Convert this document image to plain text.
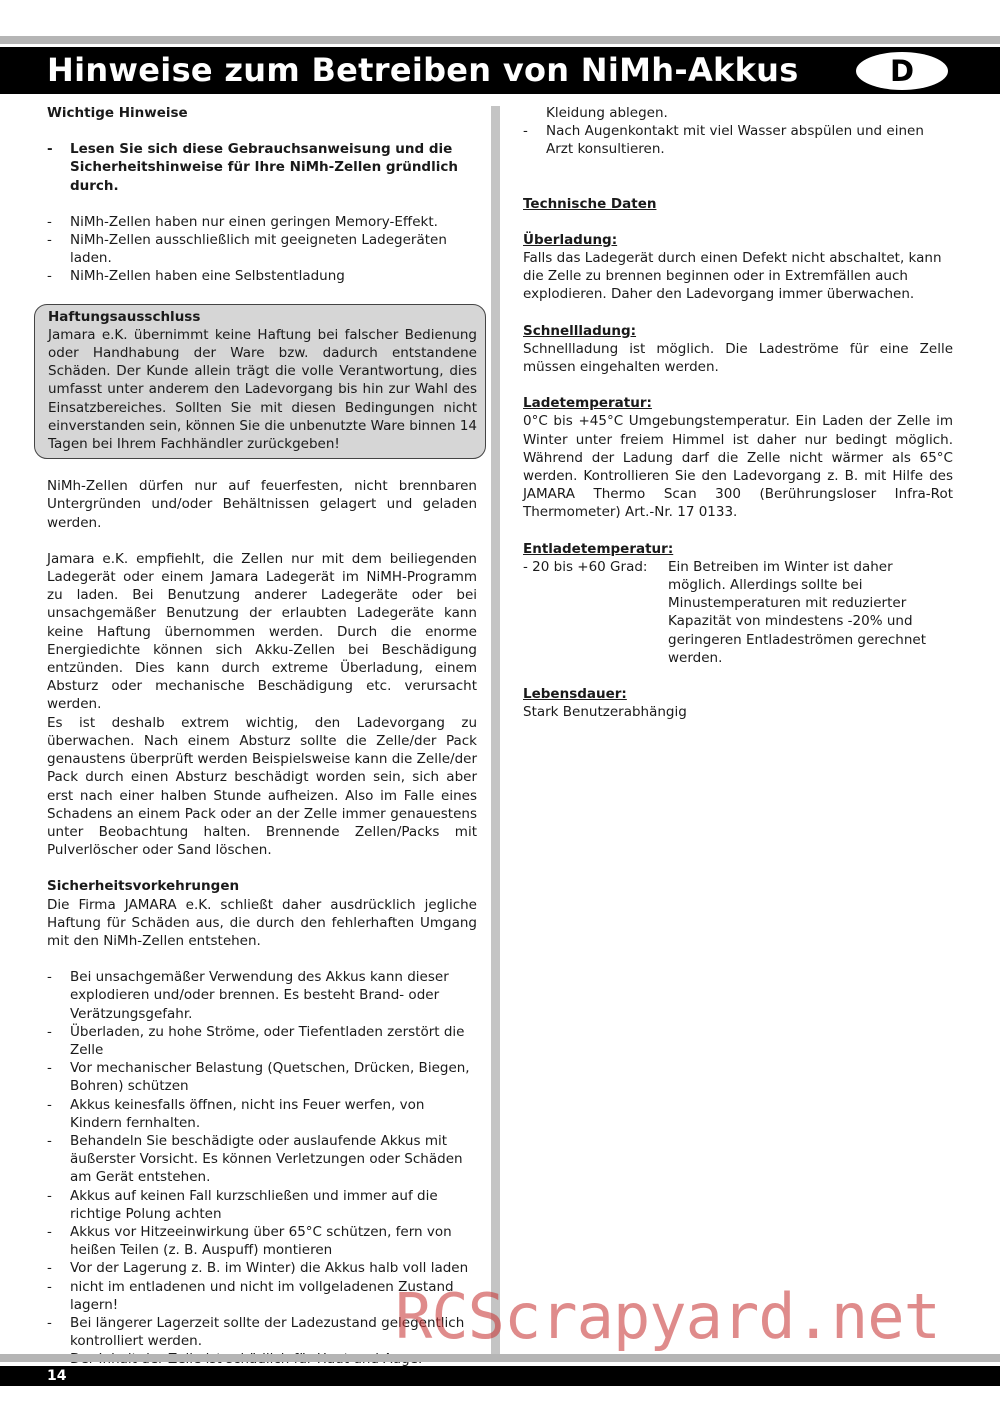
Hinweise zum Betreiben von NiMh-Akkus	D

Wichtige Hinweise

- Lesen Sie sich diese Gebrauchsanweisung und die Sicherheitshinweise für Ihre NiMh-Zellen gründlich durch.
- NiMh-Zellen haben nur einen geringen Memory-Effekt.
- NiMh-Zellen ausschließlich mit geeigneten Ladegeräten laden.
- NiMh-Zellen haben eine Selbstentladung

Haftungsausschluss

Jamara e.K. übernimmt keine Haftung bei falscher Bedienung oder Handhabung der Ware bzw. dadurch entstandene Schäden. Der Kunde allein trägt die volle Verantwortung, dies umfasst unter anderem den Ladevorgang bis hin zur Wahl des Einsatzbereiches. Sollten Sie mit diesen Bedingungen nicht einverstanden sein, können Sie die unbenutzte Ware binnen 14 Tagen bei Ihrem Fachhändler zurückgeben!

NiMh-Zellen dürfen nur auf feuerfesten, nicht brennbaren Untergründen und/oder Behältnissen gelagert und geladen werden.

Jamara e.K. empfiehlt, die Zellen nur mit dem beiliegenden Ladegerät oder einem Jamara Ladegerät im NiMH-Programm zu laden. Bei Benutzung anderer Ladegeräte oder bei unsachgemäßer Benutzung der erlaubten Ladegeräte kann keine Haftung übernommen werden. Durch die enorme Energiedichte können sich Akku-Zellen bei Beschädigung entzünden. Dies kann durch extreme Überladung, einem Absturz oder mechanische Beschädigung etc. verursacht werden.

Es ist deshalb extrem wichtig, den Ladevorgang zu überwachen. Nach einem Absturz sollte die Zelle/der Pack genaustens überprüft werden Beispielsweise kann die Zelle/der Pack durch einen Absturz beschädigt worden sein, sich aber erst nach einer halben Stunde aufheizen. Also im Falle eines Schadens an einem Pack oder an der Zelle immer genauestens unter Beobachtung halten. Brennende Zellen/Packs mit Pulverlöscher oder Sand löschen.

Sicherheitsvorkehrungen

Die Firma JAMARA e.K. schließt daher ausdrücklich jegliche Haftung für Schäden aus, die durch den fehlerhaften Umgang mit den NiMh-Zellen entstehen.

- Bei unsachgemäßer Verwendung des Akkus kann dieser explodieren und/oder brennen. Es besteht Brand- oder Verätzungsgefahr.
- Überladen, zu hohe Ströme, oder Tiefentladen zerstört die Zelle
- Vor mechanischer Belastung (Quetschen, Drücken, Biegen, Bohren) schützen
- Akkus keinesfalls öffnen, nicht ins Feuer werfen, von Kindern fernhalten.
- Behandeln Sie beschädigte oder auslaufende Akkus mit äußerster Vorsicht. Es können Verletzungen oder Schäden am Gerät entstehen.
- Akkus auf keinen Fall kurzschließen und immer auf die richtige Polung achten
- Akkus vor Hitzeeinwirkung über 65°C schützen, fern von heißen Teilen (z. B. Auspuff) montieren
- Vor der Lagerung z. B. im Winter) die Akkus halb voll laden
- nicht im entladenen und nicht im vollgeladenen Zustand lagern!
- Bei längerer Lagerzeit sollte der Ladezustand gelegentlich kontrolliert werden.
-
-

Kleidung ablegen.

- Nach Augenkontakt mit viel Wasser abspülen und einen Arzt konsultieren.

Technische Daten

Überladung:

Falls das Ladegerät durch einen Defekt nicht abschaltet, kann die Zelle zu brennen beginnen oder in Extremfällen auch explodieren. Daher den Ladevorgang immer überwachen.

Schnellladung:

Schnellladung ist möglich. Die Ladeströme für eine Zelle müssen eingehalten werden.

Ladetemperatur:

0°C bis +45°C Umgebungstemperatur. Ein Laden der Zelle im Winter unter freiem Himmel ist daher nur bedingt möglich. Während der Ladung darf die Zelle nicht wärmer als 65°C werden. Kontrollieren Sie den Ladevorgang z. B. mit Hilfe des JAMARA Thermo Scan 300 (Berührungsloser Infra-Rot Thermometer) Art.-Nr. 17 0133.

Entladetemperatur:

- 20 bis +60 Grad:	Ein Betreiben im Winter ist daher möglich. Allerdings sollte bei Minustemperaturen mit reduzierter Kapazität von mindestens -20% und geringeren Entladeströmen gerechnet werden.

Lebensdauer:

Stark Benutzerabhängig

RCScrapyard.net
14
